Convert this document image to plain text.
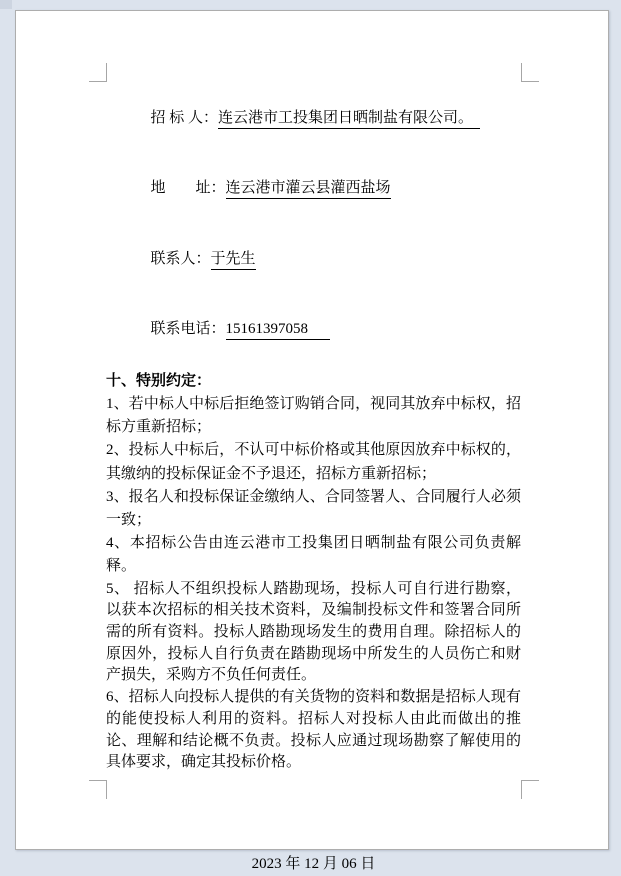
招 标 人：连云港市工投集团日晒制盐有限公司。

地　　址：连云港市灌云县灌西盐场

联系人：于先生

联系电话：15161397058

十、特别约定：

1、若中标人中标后拒绝签订购销合同，视同其放弃中标权，招标方重新招标；

2、投标人中标后，不认可中标价格或其他原因放弃中标权的，其缴纳的投标保证金不予退还，招标方重新招标；

3、报名人和投标保证金缴纳人、合同签署人、合同履行人必须一致；

4、本招标公告由连云港市工投集团日晒制盐有限公司负责解释。

5、 招标人不组织投标人踏勘现场，投标人可自行进行勘察，以获本次招标的相关技术资料，及编制投标文件和签署合同所需的所有资料。投标人踏勘现场发生的费用自理。除招标人的原因外，投标人自行负责在踏勘现场中所发生的人员伤亡和财产损失，采购方不负任何责任。

6、招标人向投标人提供的有关货物的资料和数据是招标人现有的能使投标人利用的资料。招标人对投标人由此而做出的推论、理解和结论概不负责。投标人应通过现场勘察了解使用的具体要求，确定其投标价格。

2023 年 12 月 06 日
